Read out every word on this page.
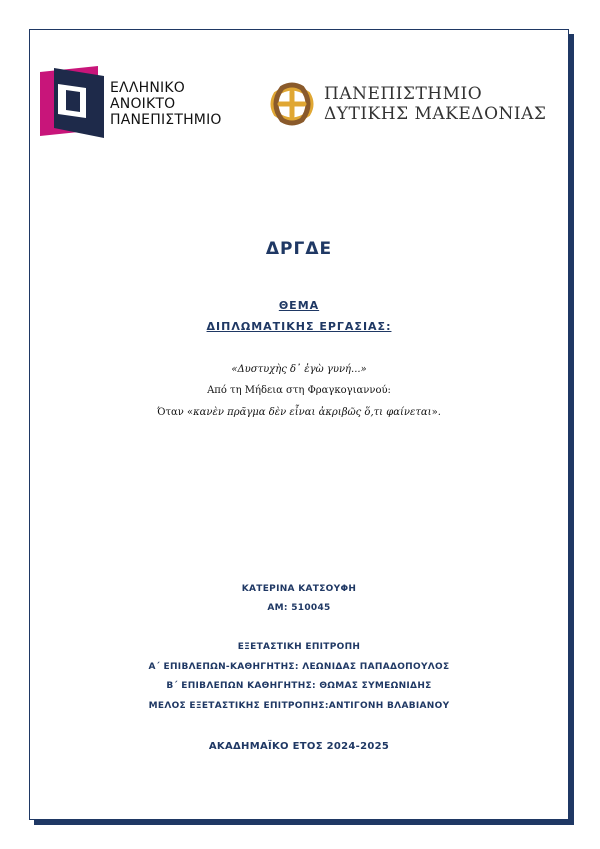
ΕΛΛΗΝΙΚΟ
ΑΝΟΙΚΤΟ
ΠΑΝΕΠΙΣΤΗΜΙΟ
ΠΑΝΕΠΙΣΤΗΜΙΟ
ΔΥΤΙΚΗΣ ΜΑΚΕΔΟΝΙΑΣ
ΔΡΓΔΕ
ΘΕΜΑ
ΔΙΠΛΩΜΑΤΙΚΗΣ ΕΡΓΑΣΙΑΣ:
«Δυστυχὴς δ᾽ ἐγὼ γυνή...»
Από τη Μήδεια στη Φραγκογιαννού:
Όταν «κανὲν πρᾶγμα δὲν εἶναι ἀκριβῶς ὅ,τι φαίνεται».
ΚΑΤΕΡΙΝΑ ΚΑΤΣΟΥΦΗ
ΑΜ: 510045
ΕΞΕΤΑΣΤΙΚΗ ΕΠΙΤΡΟΠΗ
Α΄ ΕΠΙΒΛΕΠΩΝ-ΚΑΘΗΓΗΤΗΣ: ΛΕΩΝΙΔΑΣ ΠΑΠΑΔΟΠΟΥΛΟΣ
Β΄ ΕΠΙΒΛΕΠΩΝ ΚΑΘΗΓΗΤΗΣ: ΘΩΜΑΣ ΣΥΜΕΩΝΙΔΗΣ
ΜΕΛΟΣ ΕΞΕΤΑΣΤΙΚΗΣ ΕΠΙΤΡΟΠΗΣ:ΑΝΤΙΓΟΝΗ ΒΛΑΒΙΑΝΟΥ
ΑΚΑΔΗΜΑΪΚΟ ΕΤΟΣ 2024-2025
